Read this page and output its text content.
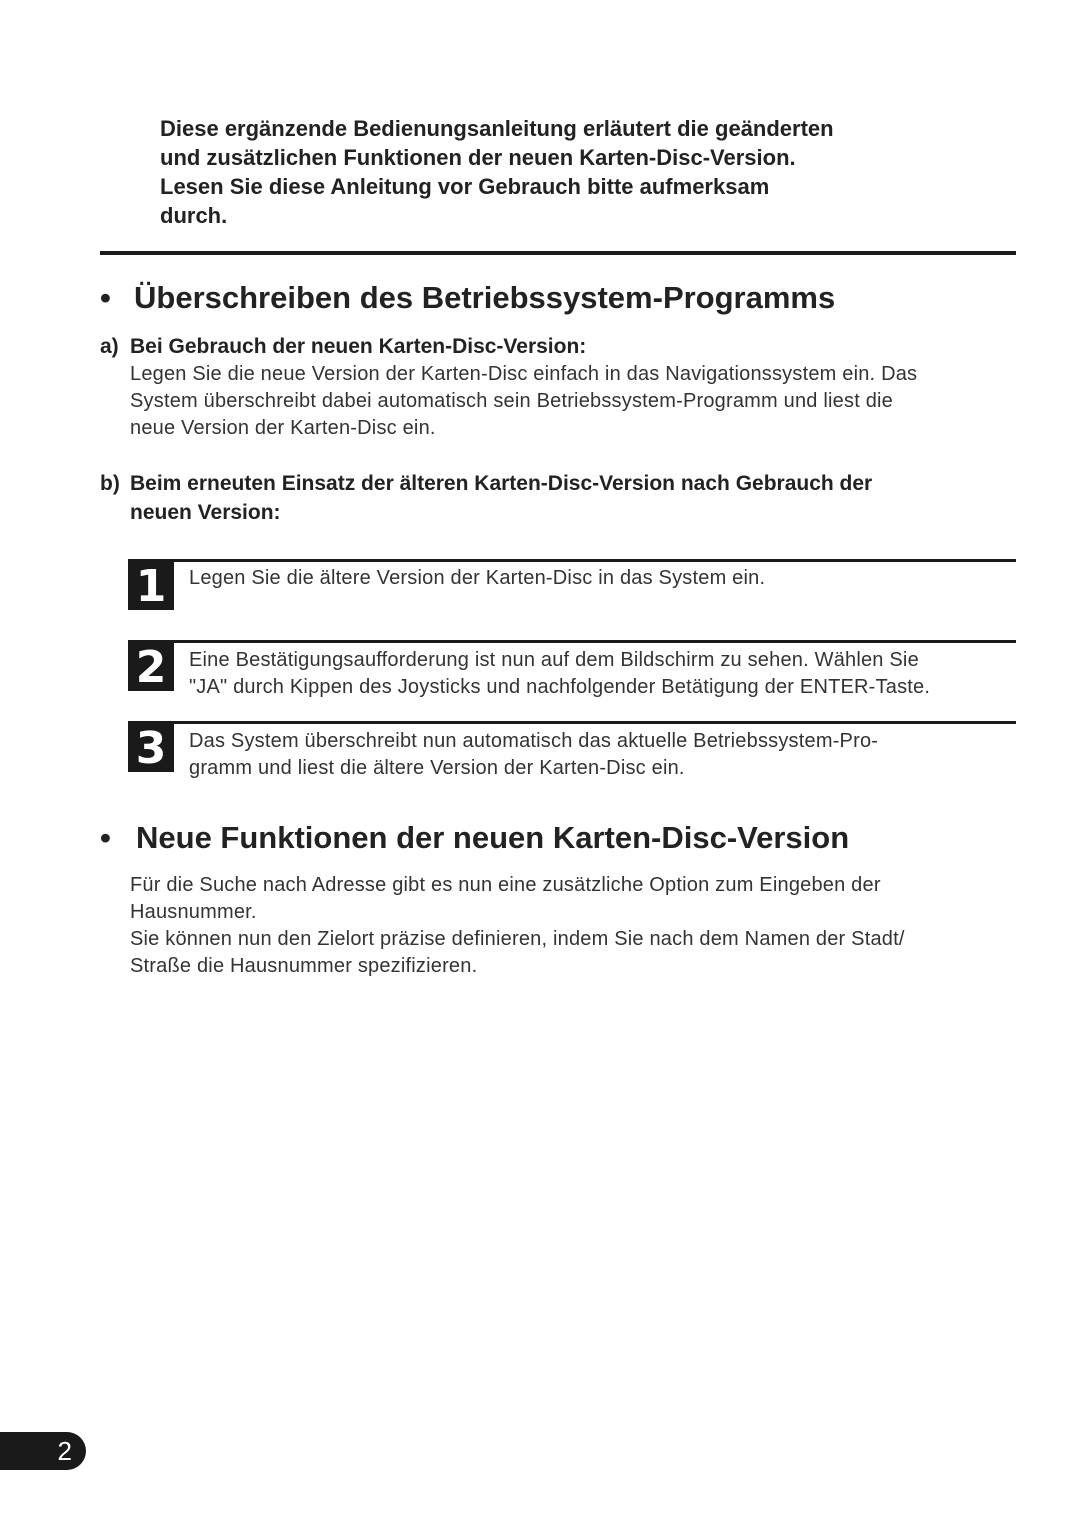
Diese ergänzende Bedienungsanleitung erläutert die geänderten
und zusätzlichen Funktionen der neuen Karten-Disc-Version.
Lesen Sie diese Anleitung vor Gebrauch bitte aufmerksam
durch.
• Überschreiben des Betriebssystem-Programms
a) Bei Gebrauch der neuen Karten-Disc-Version:
Legen Sie die neue Version der Karten-Disc einfach in das Navigationssystem ein. Das
System überschreibt dabei automatisch sein Betriebssystem-Programm und liest die
neue Version der Karten-Disc ein.
b) Beim erneuten Einsatz der älteren Karten-Disc-Version nach Gebrauch der
neuen Version:
1	Legen Sie die ältere Version der Karten-Disc in das System ein.
2	Eine Bestätigungsaufforderung ist nun auf dem Bildschirm zu sehen. Wählen Sie
"JA" durch Kippen des Joysticks und nachfolgender Betätigung der ENTER-Taste.
3	Das System überschreibt nun automatisch das aktuelle Betriebssystem-Pro-
gramm und liest die ältere Version der Karten-Disc ein.
• Neue Funktionen der neuen Karten-Disc-Version
Für die Suche nach Adresse gibt es nun eine zusätzliche Option zum Eingeben der
Hausnummer.
Sie können nun den Zielort präzise definieren, indem Sie nach dem Namen der Stadt/
Straße die Hausnummer spezifizieren.
2
